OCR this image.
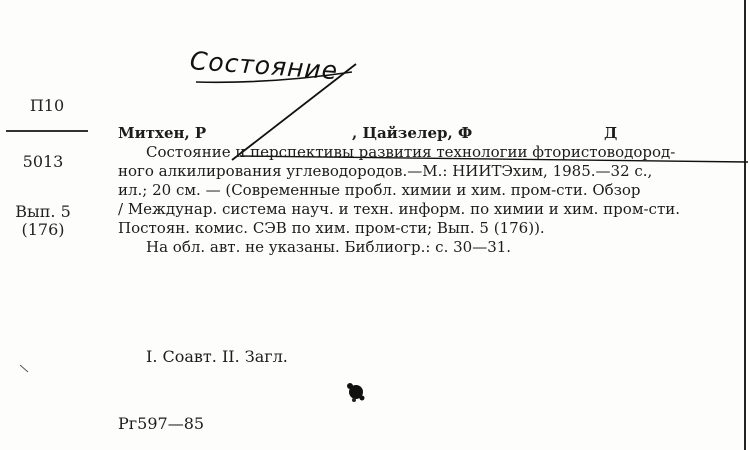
Состояние
П10
5013
Вып. 5
(176)
Митхен, Р	, Цайзелер, Ф	Д
Состояние и перспективы развития технологии фтористоводород-
ного алкилирования углеводородов.—М.: НИИТЭхим, 1985.—32 с.,
ил.; 20 см. — (Современные пробл. химии и хим. пром-сти. Обзор
/ Междунар. система науч. и техн. информ. по химии и хим. пром-сти.
Постоян. комис. СЭВ по хим. пром-сти; Вып. 5 (176)).
На обл. авт. не указаны. Библиогр.: с. 30—31.
I. Соавт. II. Загл.
Рг597—85
